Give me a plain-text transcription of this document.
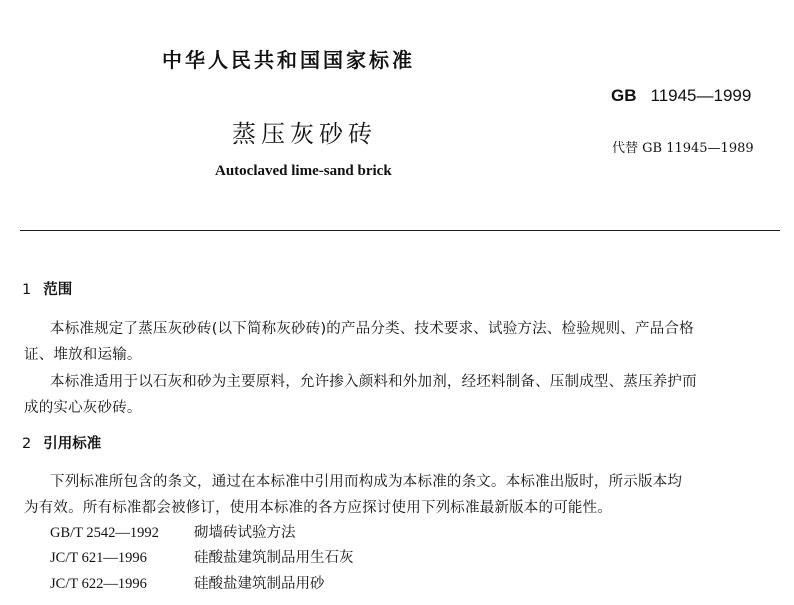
中华人民共和国国家标准
GB 11945—1999
蒸压灰砂砖
代替 GB 11945—1989
Autoclaved lime-sand brick
1 范围
本标准规定了蒸压灰砂砖(以下简称灰砂砖)的产品分类、技术要求、试验方法、检验规则、产品合格
证、堆放和运输。
本标准适用于以石灰和砂为主要原料，允许掺入颜料和外加剂，经坯料制备、压制成型、蒸压养护而
成的实心灰砂砖。
2 引用标准
下列标准所包含的条文，通过在本标准中引用而构成为本标准的条文。本标准出版时，所示版本均
为有效。所有标准都会被修订，使用本标准的各方应探讨使用下列标准最新版本的可能性。
GB/T 2542—1992 砌墙砖试验方法
JC/T 621—1996	硅酸盐建筑制品用生石灰
JC/T 622—1996	硅酸盐建筑制品用砂
